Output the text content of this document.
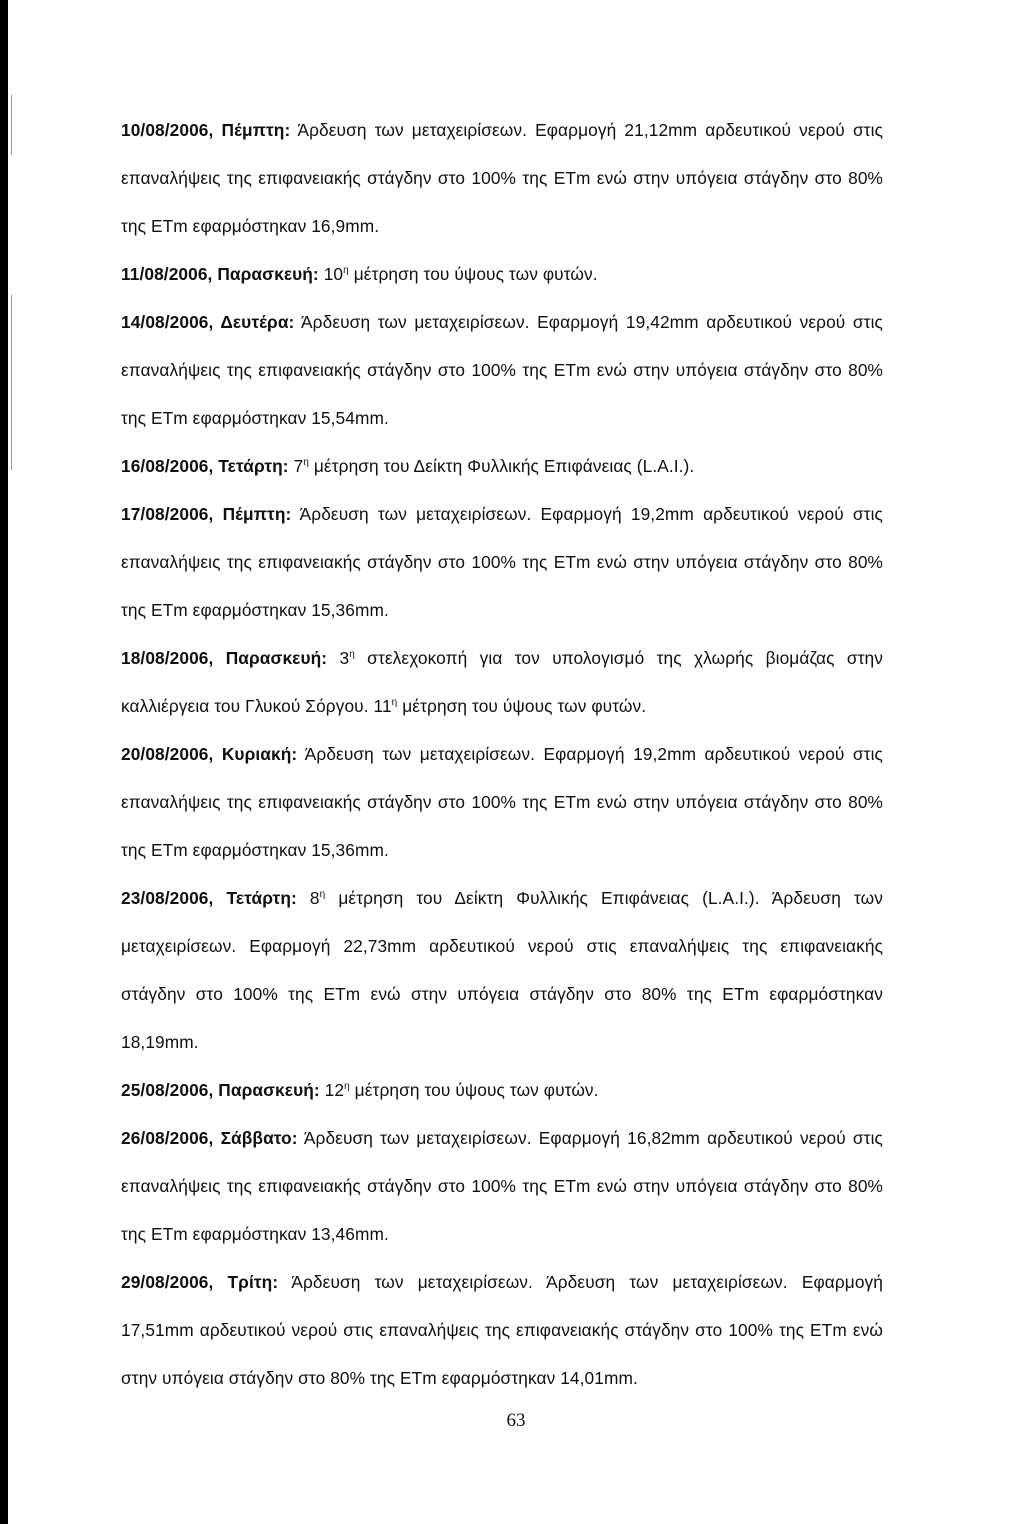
10/08/2006, Πέμπτη: Άρδευση των μεταχειρίσεων. Εφαρμογή 21,12mm αρδευτικού νερού στις επαναλήψεις της επιφανειακής στάγδην στο 100% της ETm ενώ στην υπόγεια στάγδην στο 80% της ETm εφαρμόστηκαν 16,9mm.

11/08/2006, Παρασκευή: $10^\eta$ μέτρηση του ύψους των φυτών.

14/08/2006, Δευτέρα: Άρδευση των μεταχειρίσεων. Εφαρμογή 19,42mm αρδευτικού νερού στις επαναλήψεις της επιφανειακής στάγδην στο 100% της ETm ενώ στην υπόγεια στάγδην στο 80% της ETm εφαρμόστηκαν 15,54mm.

16/08/2006, Τετάρτη: $7^\eta$ μέτρηση του Δείκτη Φυλλικής Επιφάνειας (L.A.I.).

17/08/2006, Πέμπτη: Άρδευση των μεταχειρίσεων. Εφαρμογή 19,2mm αρδευτικού νερού στις επαναλήψεις της επιφανειακής στάγδην στο 100% της ETm ενώ στην υπόγεια στάγδην στο 80% της ETm εφαρμόστηκαν 15,36mm.

18/08/2006, Παρασκευή: $3^\eta$ στελεχοκοπή για τον υπολογισμό της χλωρής βιομάζας στην καλλιέργεια του Γλυκού Σόργου. $11^\eta$ μέτρηση του ύψους των φυτών.

20/08/2006, Κυριακή: Άρδευση των μεταχειρίσεων. Εφαρμογή 19,2mm αρδευτικού νερού στις επαναλήψεις της επιφανειακής στάγδην στο 100% της ETm ενώ στην υπόγεια στάγδην στο 80% της ETm εφαρμόστηκαν 15,36mm.

23/08/2006, Τετάρτη: $8^\eta$ μέτρηση του Δείκτη Φυλλικής Επιφάνειας (L.A.I.). Άρδευση των μεταχειρίσεων. Εφαρμογή 22,73mm αρδευτικού νερού στις επαναλήψεις της επιφανειακής στάγδην στο 100% της ETm ενώ στην υπόγεια στάγδην στο 80% της ETm εφαρμόστηκαν 18,19mm.

25/08/2006, Παρασκευή: $12^\eta$ μέτρηση του ύψους των φυτών.

26/08/2006, Σάββατο: Άρδευση των μεταχειρίσεων. Εφαρμογή 16,82mm αρδευτικού νερού στις επαναλήψεις της επιφανειακής στάγδην στο 100% της ETm ενώ στην υπόγεια στάγδην στο 80% της ETm εφαρμόστηκαν 13,46mm.

29/08/2006, Τρίτη: Άρδευση των μεταχειρίσεων. Άρδευση των μεταχειρίσεων. Εφαρμογή 17,51mm αρδευτικού νερού στις επαναλήψεις της επιφανειακής στάγδην στο 100% της ETm ενώ στην υπόγεια στάγδην στο 80% της ETm εφαρμόστηκαν 14,01mm.

63
